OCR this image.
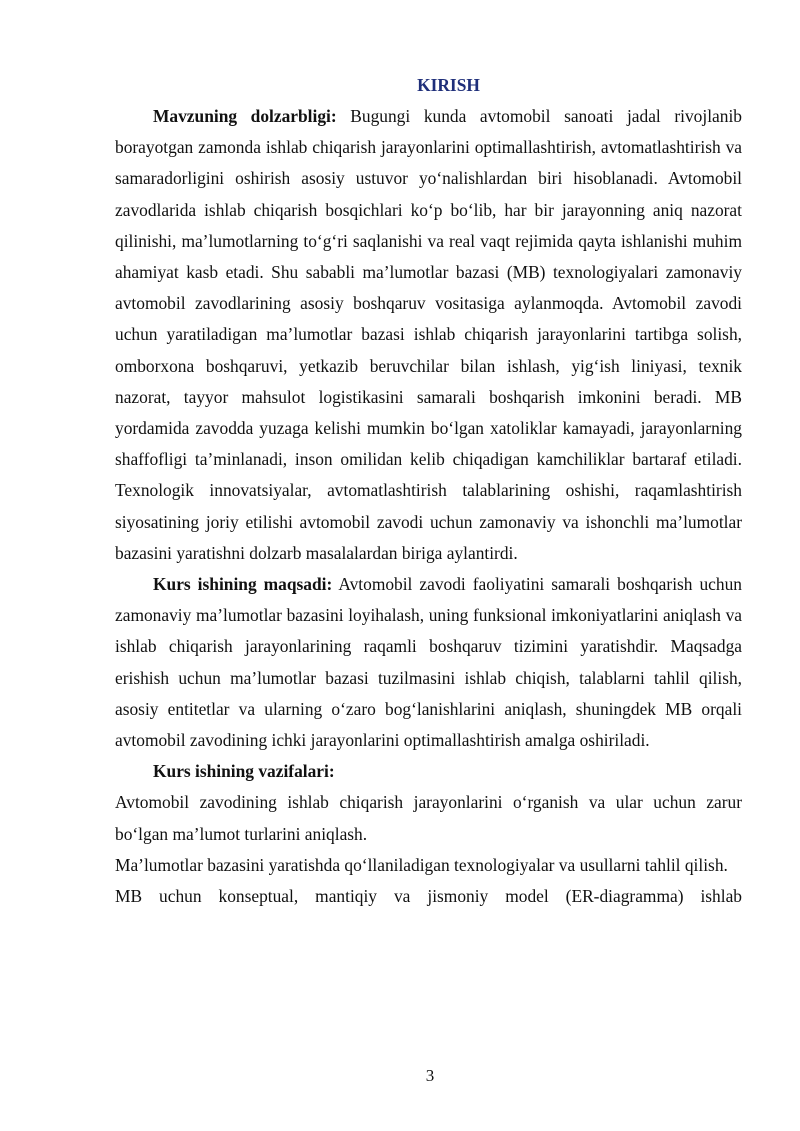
KIRISH

Mavzuning dolzarbligi: Bugungi kunda avtomobil sanoati jadal rivojlanib borayotgan zamonda ishlab chiqarish jarayonlarini optimallashtirish, avtomatlashtirish va samaradorligini oshirish asosiy ustuvor yo‘nalishlardan biri hisoblanadi. Avtomobil zavodlarida ishlab chiqarish bosqichlari ko‘p bo‘lib, har bir jarayonning aniq nazorat qilinishi, ma’lumotlarning to‘g‘ri saqlanishi va real vaqt rejimida qayta ishlanishi muhim ahamiyat kasb etadi. Shu sababli ma’lumotlar bazasi (MB) texnologiyalari zamonaviy avtomobil zavodlarining asosiy boshqaruv vositasiga aylanmoqda. Avtomobil zavodi uchun yaratiladigan ma’lumotlar bazasi ishlab chiqarish jarayonlarini tartibga solish, omborxona boshqaruvi, yetkazib beruvchilar bilan ishlash, yig‘ish liniyasi, texnik nazorat, tayyor mahsulot logistikasini samarali boshqarish imkonini beradi. MB yordamida zavodda yuzaga kelishi mumkin bo‘lgan xatoliklar kamayadi, jarayonlarning shaffofligi ta’minlanadi, inson omilidan kelib chiqadigan kamchiliklar bartaraf etiladi. Texnologik innovatsiyalar, avtomatlashtirish talablarining oshishi, raqamlashtirish siyosatining joriy etilishi avtomobil zavodi uchun zamonaviy va ishonchli ma’lumotlar bazasini yaratishni dolzarb masalalardan biriga aylantirdi.

Kurs ishining maqsadi: Avtomobil zavodi faoliyatini samarali boshqarish uchun zamonaviy ma’lumotlar bazasini loyihalash, uning funksional imkoniyatlarini aniqlash va ishlab chiqarish jarayonlarining raqamli boshqaruv tizimini yaratishdir. Maqsadga erishish uchun ma’lumotlar bazasi tuzilmasini ishlab chiqish, talablarni tahlil qilish, asosiy entitetlar va ularning o‘zaro bog‘lanishlarini aniqlash, shuningdek MB orqali avtomobil zavodining ichki jarayonlarini optimallashtirish amalga oshiriladi.

Kurs ishining vazifalari:

Avtomobil zavodining ishlab chiqarish jarayonlarini o‘rganish va ular uchun zarur bo‘lgan ma’lumot turlarini aniqlash.

Ma’lumotlar bazasini yaratishda qo‘llaniladigan texnologiyalar va usullarni tahlil qilish.

MB uchun konseptual, mantiqiy va jismoniy model (ER-diagramma) ishlab

3
